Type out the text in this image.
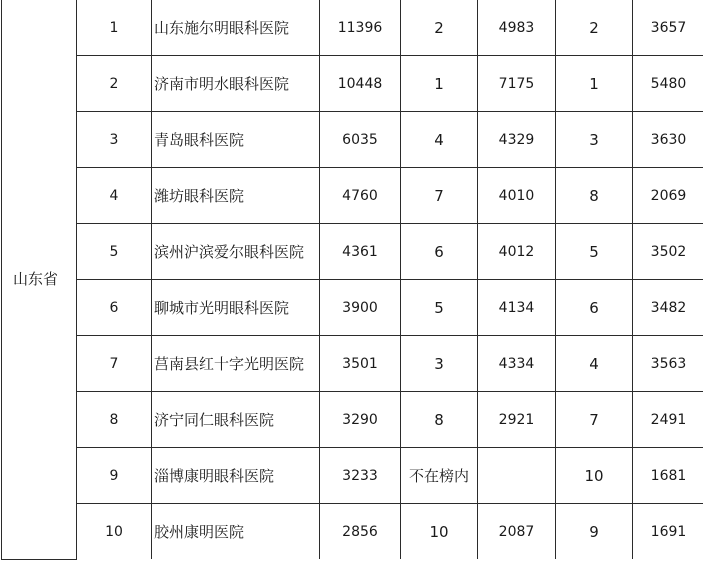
山东省	1	山东施尔明眼科医院	11396	2	4983	2	3657
	2	济南市明水眼科医院	10448	1	7175	1	5480
	3	青岛眼科医院	6035	4	4329	3	3630
	4	潍坊眼科医院	4760	7	4010	8	2069
	5	滨州沪滨爱尔眼科医院	4361	6	4012	5	3502
	6	聊城市光明眼科医院	3900	5	4134	6	3482
	7	莒南县红十字光明医院	3501	3	4334	4	3563
	8	济宁同仁眼科医院	3290	8	2921	7	2491
	9	淄博康明眼科医院	3233	不在榜内		10	1681
	10	胶州康明医院	2856	10	2087	9	1691
